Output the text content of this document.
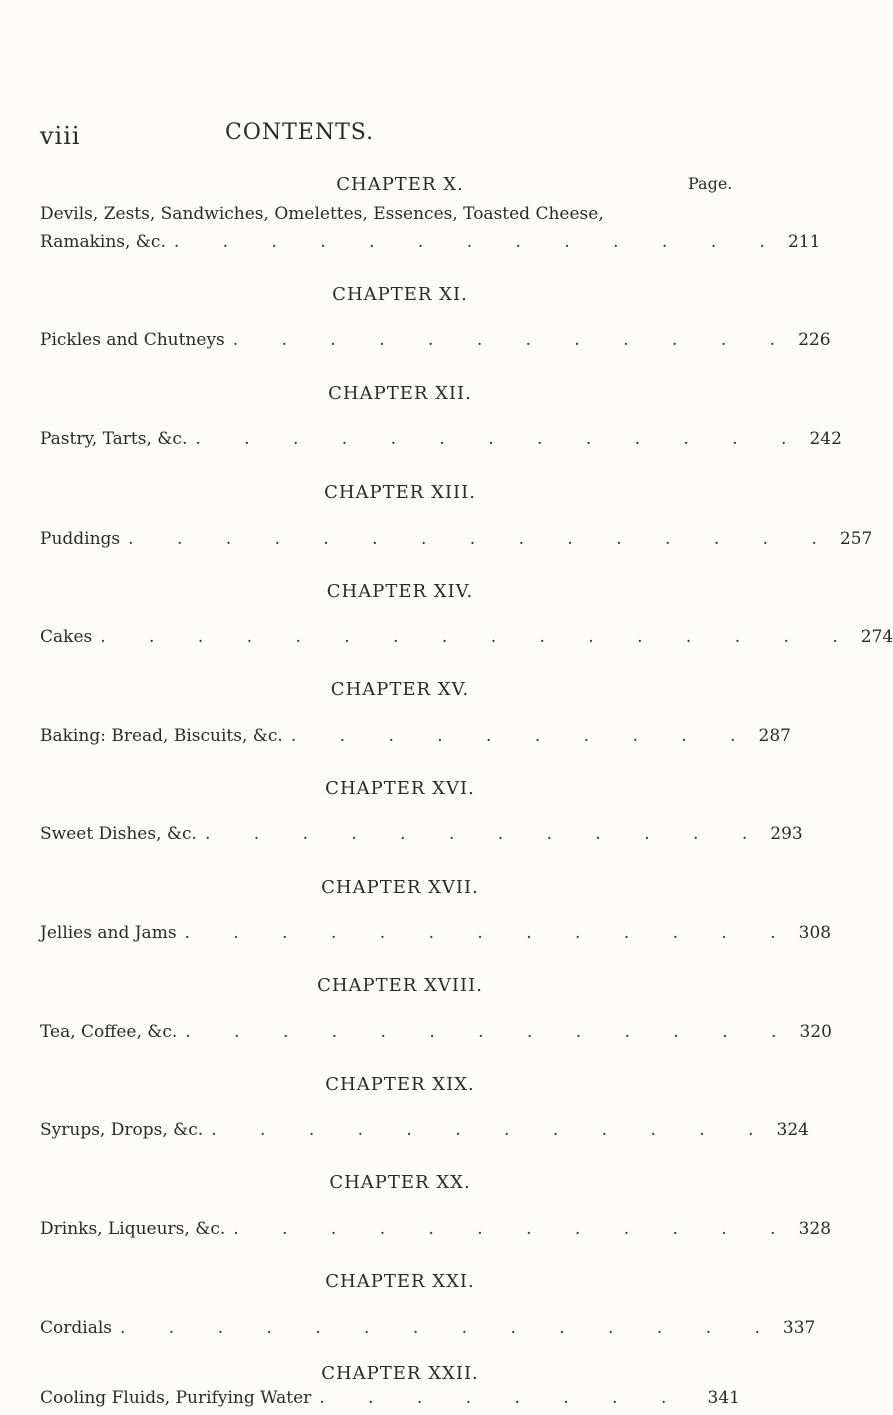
viii	CONTENTS.
CHAPTER X.	Page.
Devils, Zests, Sandwiches, Omelettes, Essences, Toasted Cheese,
Ramakins, &c. . . . . . . . . . . . . . 211
CHAPTER XI.
Pickles and Chutneys . . . . . . . . . . . . 226
CHAPTER XII.
Pastry, Tarts, &c. . . . . . . . . . . . . . 242
CHAPTER XIII.
Puddings . . . . . . . . . . . . . . . 257
CHAPTER XIV.
Cakes . . . . . . . . . . . . . . . . 274
CHAPTER XV.
Baking: Bread, Biscuits, &c. . . . . . . . . . . 287
CHAPTER XVI.
Sweet Dishes, &c. . . . . . . . . . . . . 293
CHAPTER XVII.
Jellies and Jams . . . . . . . . . . . . . 308
CHAPTER XVIII.
Tea, Coffee, &c. . . . . . . . . . . . . . 320
CHAPTER XIX.
Syrups, Drops, &c. . . . . . . . . . . . . 324
CHAPTER XX.
Drinks, Liqueurs, &c. . . . . . . . . . . . . 328
CHAPTER XXI.
Cordials . . . . . . . . . . . . . . 337
CHAPTER XXII.
Cooling Fluids, Purifying Water . . . . . . . .	341
